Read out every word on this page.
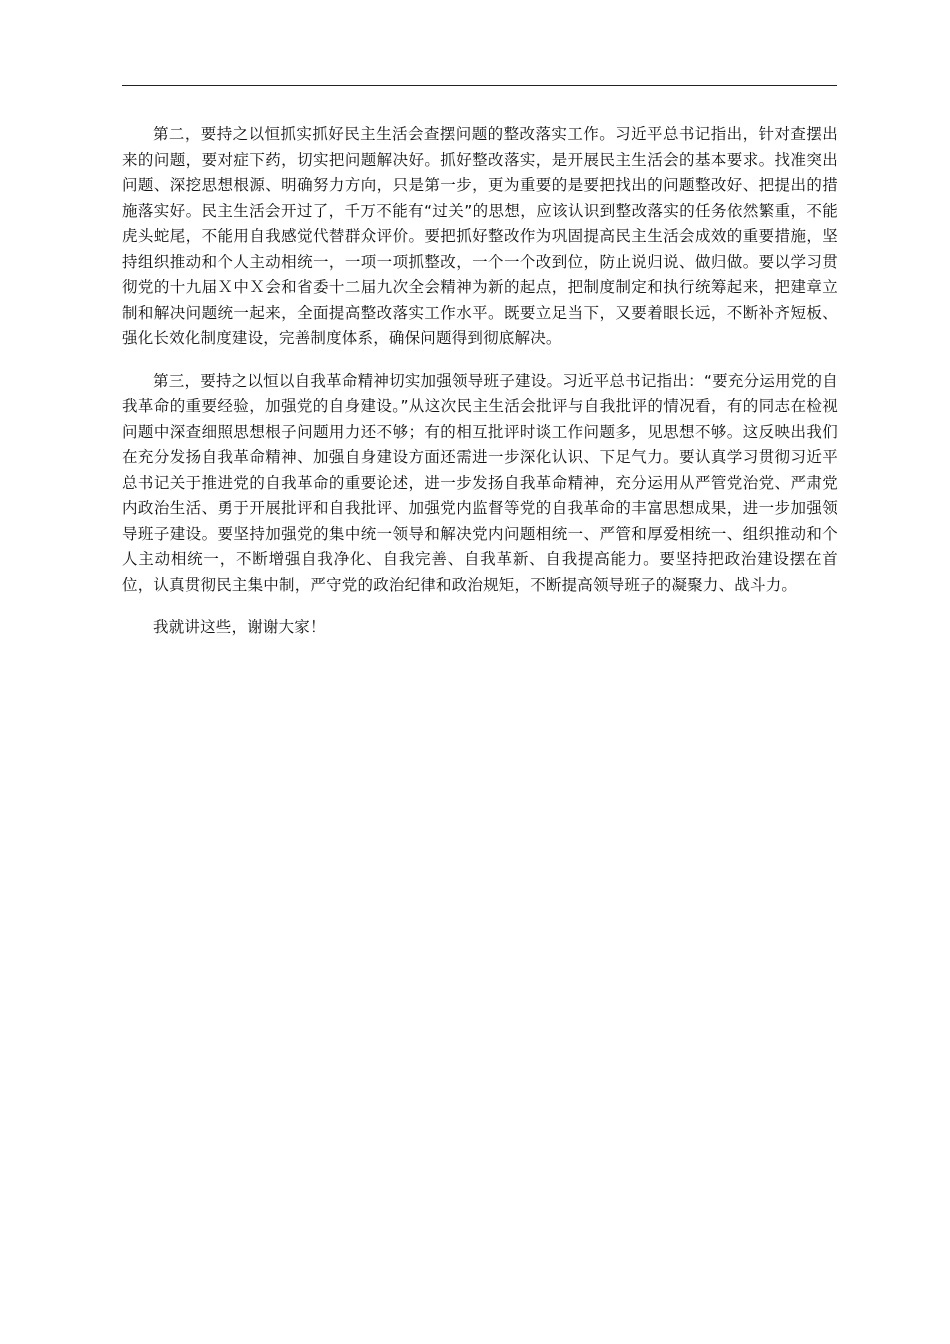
第二，要持之以恒抓实抓好民主生活会查摆问题的整改落实工作。习近平总书记指出，针对查摆出来的问题，要对症下药，切实把问题解决好。抓好整改落实，是开展民主生活会的基本要求。找准突出问题、深挖思想根源、明确努力方向，只是第一步，更为重要的是要把找出的问题整改好、把提出的措施落实好。民主生活会开过了，千万不能有“过关”的思想，应该认识到整改落实的任务依然繁重，不能虎头蛇尾，不能用自我感觉代替群众评价。要把抓好整改作为巩固提高民主生活会成效的重要措施，坚持组织推动和个人主动相统一，一项一项抓整改，一个一个改到位，防止说归说、做归做。要以学习贯彻党的十九届Ｘ中Ｘ会和省委十二届九次全会精神为新的起点，把制度制定和执行统筹起来，把建章立制和解决问题统一起来，全面提高整改落实工作水平。既要立足当下，又要着眼长远，不断补齐短板、强化长效化制度建设，完善制度体系，确保问题得到彻底解决。

第三，要持之以恒以自我革命精神切实加强领导班子建设。习近平总书记指出：“要充分运用党的自我革命的重要经验，加强党的自身建设。”从这次民主生活会批评与自我批评的情况看，有的同志在检视问题中深查细照思想根子问题用力还不够；有的相互批评时谈工作问题多，见思想不够。这反映出我们在充分发扬自我革命精神、加强自身建设方面还需进一步深化认识、下足气力。要认真学习贯彻习近平总书记关于推进党的自我革命的重要论述，进一步发扬自我革命精神，充分运用从严管党治党、严肃党内政治生活、勇于开展批评和自我批评、加强党内监督等党的自我革命的丰富思想成果，进一步加强领导班子建设。要坚持加强党的集中统一领导和解决党内问题相统一、严管和厚爱相统一、组织推动和个人主动相统一，不断增强自我净化、自我完善、自我革新、自我提高能力。要坚持把政治建设摆在首位，认真贯彻民主集中制，严守党的政治纪律和政治规矩，不断提高领导班子的凝聚力、战斗力。

我就讲这些，谢谢大家！
